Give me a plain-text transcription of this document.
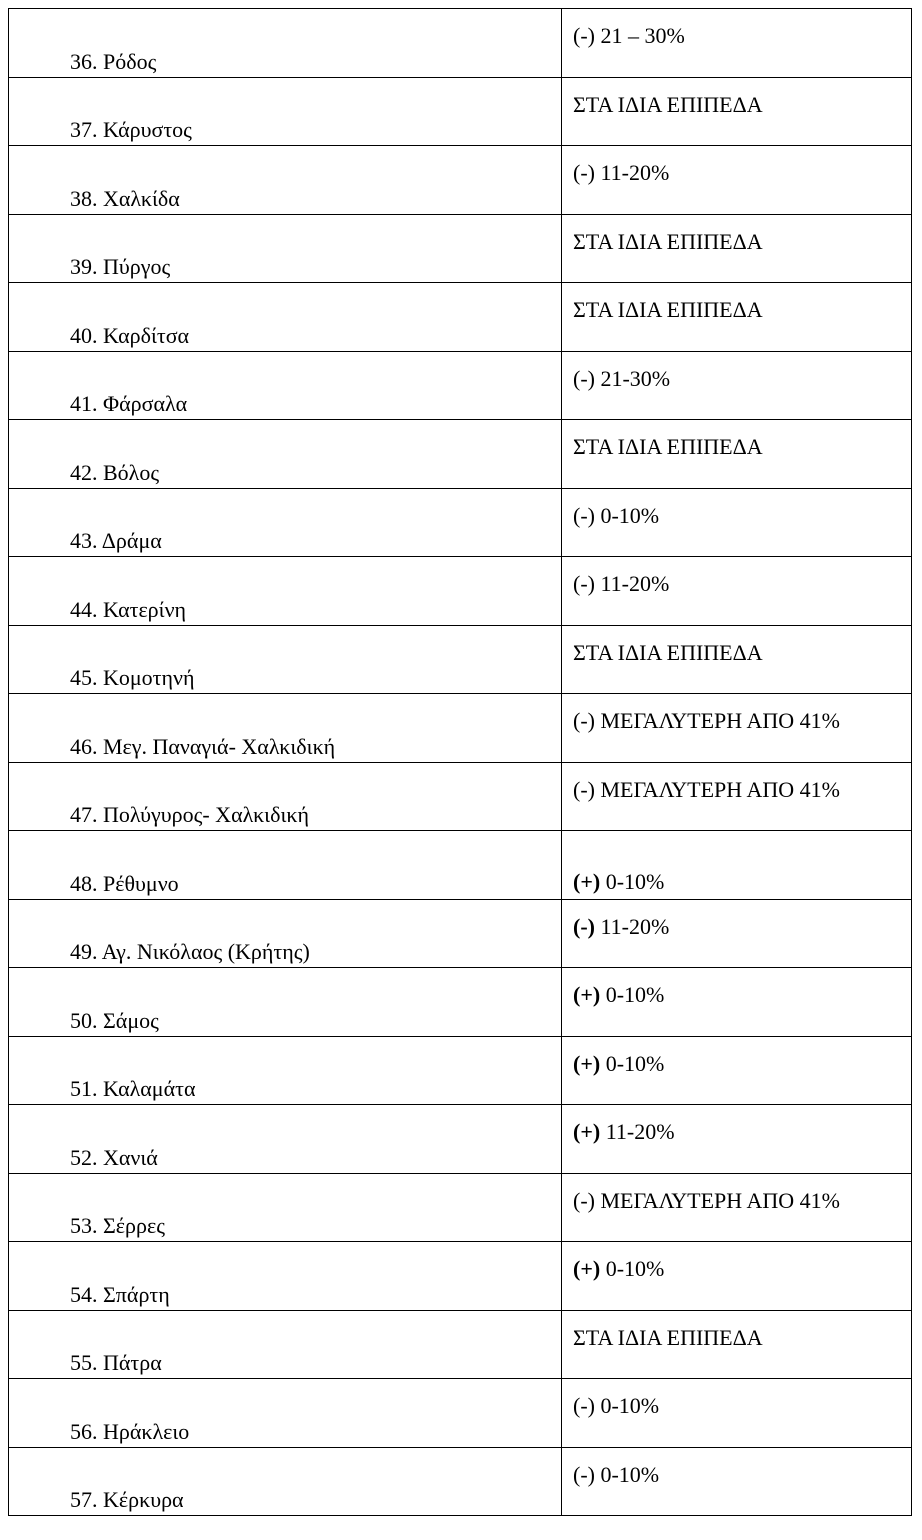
36. Ρόδος	(-) 21 – 30%
37. Κάρυστος	ΣΤΑ ΙΔΙΑ ΕΠΙΠΕΔΑ
38. Χαλκίδα	(-) 11-20%
39. Πύργος	ΣΤΑ ΙΔΙΑ ΕΠΙΠΕΔΑ
40. Καρδίτσα	ΣΤΑ ΙΔΙΑ ΕΠΙΠΕΔΑ
41. Φάρσαλα	(-) 21-30%
42. Βόλος	ΣΤΑ ΙΔΙΑ ΕΠΙΠΕΔΑ
43. Δράμα	(-) 0-10%
44. Κατερίνη	(-) 11-20%
45. Κομοτηνή	ΣΤΑ ΙΔΙΑ ΕΠΙΠΕΔΑ
46. Μεγ. Παναγιά- Χαλκιδική	(-) ΜΕΓΑΛΥΤΕΡΗ ΑΠΟ 41%
47. Πολύγυρος- Χαλκιδική	(-) ΜΕΓΑΛΥΤΕΡΗ ΑΠΟ 41%
48. Ρέθυμνο	(+) 0-10%
49. Αγ. Νικόλαος (Κρήτης)	(-) 11-20%
50. Σάμος	(+) 0-10%
51. Καλαμάτα	(+) 0-10%
52. Χανιά	(+) 11-20%
53. Σέρρες	(-) ΜΕΓΑΛΥΤΕΡΗ ΑΠΟ 41%
54. Σπάρτη	(+) 0-10%
55. Πάτρα	ΣΤΑ ΙΔΙΑ ΕΠΙΠΕΔΑ
56. Ηράκλειο	(-) 0-10%
57. Κέρκυρα	(-) 0-10%
